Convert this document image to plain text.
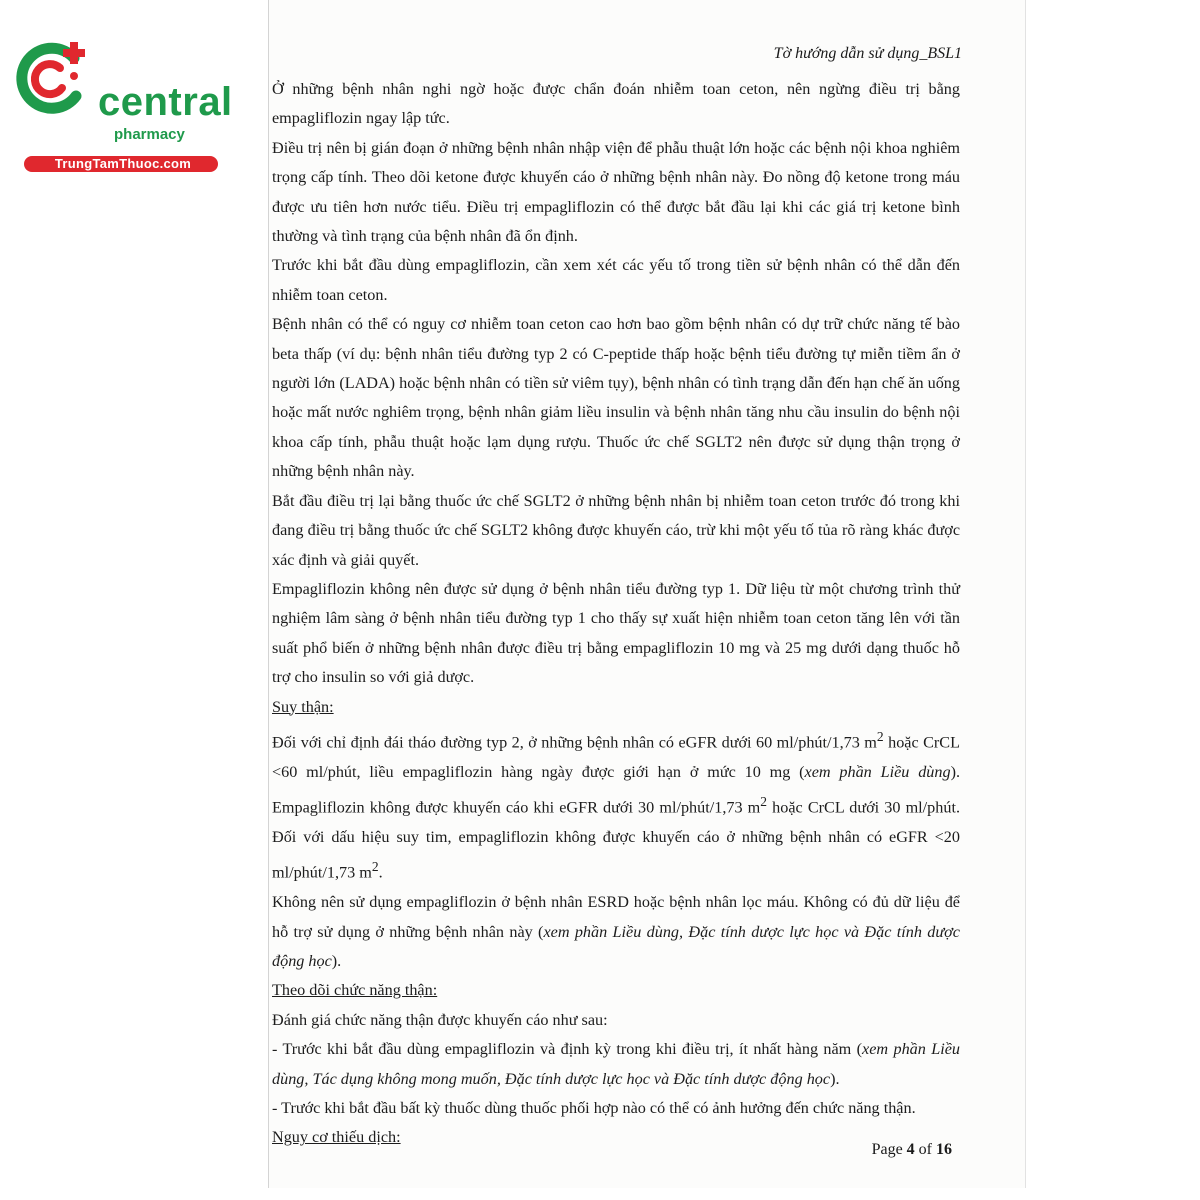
central
pharmacy
TrungTamThuoc.com
Tờ hướng dẫn sử dụng_BSL1

Ở những bệnh nhân nghi ngờ hoặc được chẩn đoán nhiễm toan ceton, nên ngừng điều trị bằng empagliflozin ngay lập tức.

Điều trị nên bị gián đoạn ở những bệnh nhân nhập viện để phẫu thuật lớn hoặc các bệnh nội khoa nghiêm trọng cấp tính. Theo dõi ketone được khuyến cáo ở những bệnh nhân này. Đo nồng độ ketone trong máu được ưu tiên hơn nước tiểu. Điều trị empagliflozin có thể được bắt đầu lại khi các giá trị ketone bình thường và tình trạng của bệnh nhân đã ổn định.

Trước khi bắt đầu dùng empagliflozin, cần xem xét các yếu tố trong tiền sử bệnh nhân có thể dẫn đến nhiễm toan ceton.

Bệnh nhân có thể có nguy cơ nhiễm toan ceton cao hơn bao gồm bệnh nhân có dự trữ chức năng tế bào beta thấp (ví dụ: bệnh nhân tiểu đường typ 2 có C-peptide thấp hoặc bệnh tiểu đường tự miễn tiềm ẩn ở người lớn (LADA) hoặc bệnh nhân có tiền sử viêm tụy), bệnh nhân có tình trạng dẫn đến hạn chế ăn uống hoặc mất nước nghiêm trọng, bệnh nhân giảm liều insulin và bệnh nhân tăng nhu cầu insulin do bệnh nội khoa cấp tính, phẫu thuật hoặc lạm dụng rượu. Thuốc ức chế SGLT2 nên được sử dụng thận trọng ở những bệnh nhân này.

Bắt đầu điều trị lại bằng thuốc ức chế SGLT2 ở những bệnh nhân bị nhiễm toan ceton trước đó trong khi đang điều trị bằng thuốc ức chế SGLT2 không được khuyến cáo, trừ khi một yếu tố tủa rõ ràng khác được xác định và giải quyết.

Empagliflozin không nên được sử dụng ở bệnh nhân tiểu đường typ 1. Dữ liệu từ một chương trình thử nghiệm lâm sàng ở bệnh nhân tiểu đường typ 1 cho thấy sự xuất hiện nhiễm toan ceton tăng lên với tần suất phổ biến ở những bệnh nhân được điều trị bằng empagliflozin 10 mg và 25 mg dưới dạng thuốc hỗ trợ cho insulin so với giả dược.

Suy thận:

Đối với chỉ định đái tháo đường typ 2, ở những bệnh nhân có eGFR dưới 60 ml/phút/1,73 $m^2$ hoặc CrCL <60 ml/phút, liều empagliflozin hàng ngày được giới hạn ở mức 10 mg (xem phần Liều dùng). Empagliflozin không được khuyến cáo khi eGFR dưới 30 ml/phút/1,73 $m^2$ hoặc CrCL dưới 30 ml/phút. Đối với dấu hiệu suy tim, empagliflozin không được khuyến cáo ở những bệnh nhân có eGFR <20 ml/phút/1,73 $m^2$.

Không nên sử dụng empagliflozin ở bệnh nhân ESRD hoặc bệnh nhân lọc máu. Không có đủ dữ liệu để hỗ trợ sử dụng ở những bệnh nhân này (xem phần Liều dùng, Đặc tính dược lực học và Đặc tính dược động học).

Theo dõi chức năng thận:

Đánh giá chức năng thận được khuyến cáo như sau:

- Trước khi bắt đầu dùng empagliflozin và định kỳ trong khi điều trị, ít nhất hàng năm (xem phần Liều dùng, Tác dụng không mong muốn, Đặc tính dược lực học và Đặc tính dược động học).

- Trước khi bắt đầu bất kỳ thuốc dùng thuốc phối hợp nào có thể có ảnh hưởng đến chức năng thận.

Nguy cơ thiếu dịch:

Page 4 of 16
